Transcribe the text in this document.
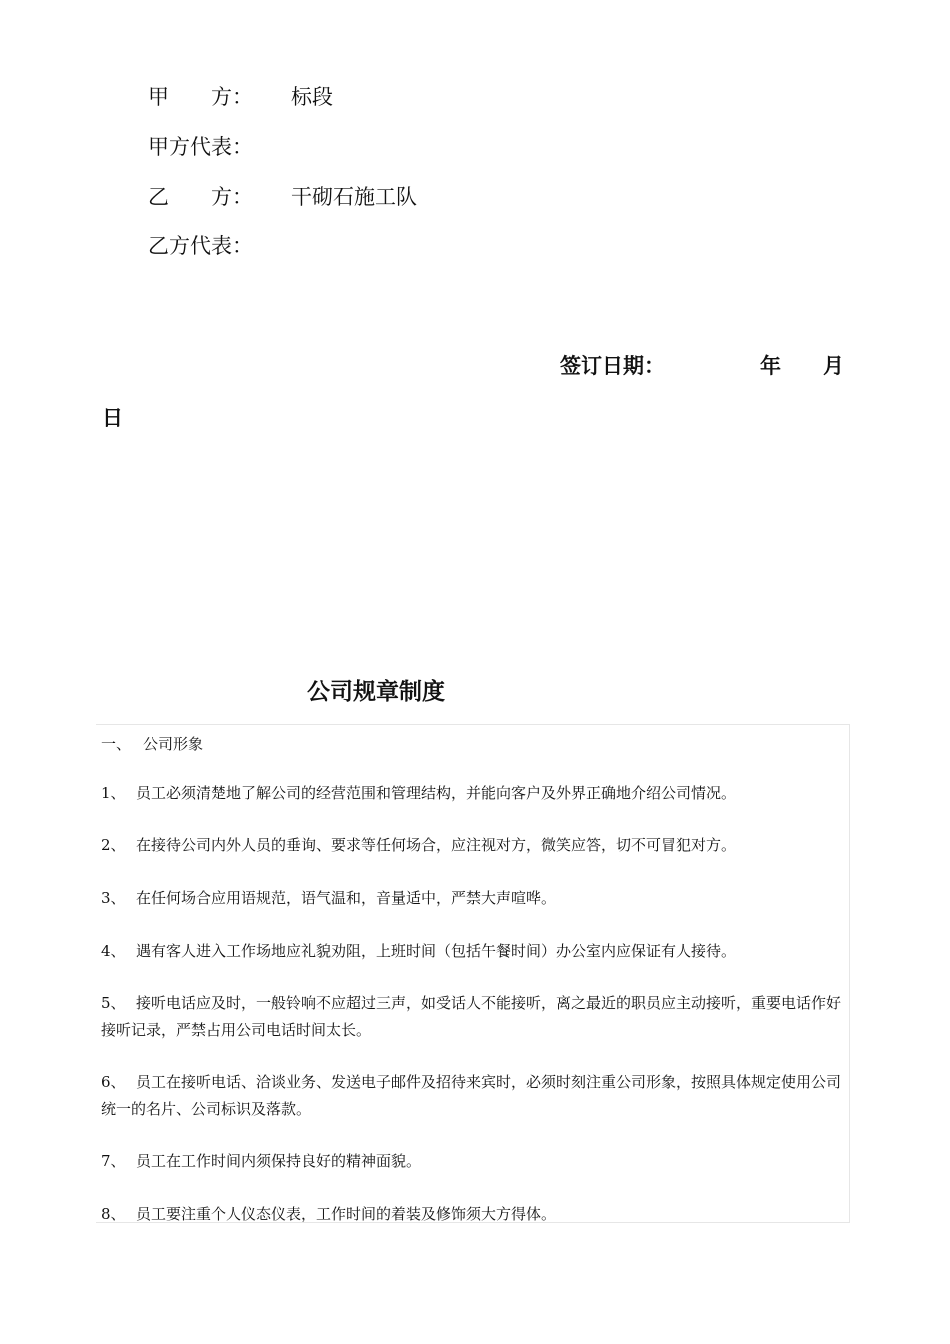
甲　　方： 标段
甲方代表：
乙　　方： 干砌石施工队
乙方代表：
签订日期：	年 月
日
公司规章制度
一、 公司形象
1、 员工必须清楚地了解公司的经营范围和管理结构，并能向客户及外界正确地介绍公司情况。
2、 在接待公司内外人员的垂询、要求等任何场合，应注视对方，微笑应答，切不可冒犯对方。
3、 在任何场合应用语规范，语气温和，音量适中，严禁大声喧哗。
4、 遇有客人进入工作场地应礼貌劝阻，上班时间（包括午餐时间）办公室内应保证有人接待。
5、 接听电话应及时，一般铃响不应超过三声，如受话人不能接听，离之最近的职员应主动接听，重要电话作好接听记录，严禁占用公司电话时间太长。
6、 员工在接听电话、洽谈业务、发送电子邮件及招待来宾时，必须时刻注重公司形象，按照具体规定使用公司统一的名片、公司标识及落款。
7、 员工在工作时间内须保持良好的精神面貌。
8、 员工要注重个人仪态仪表，工作时间的着装及修饰须大方得体。
